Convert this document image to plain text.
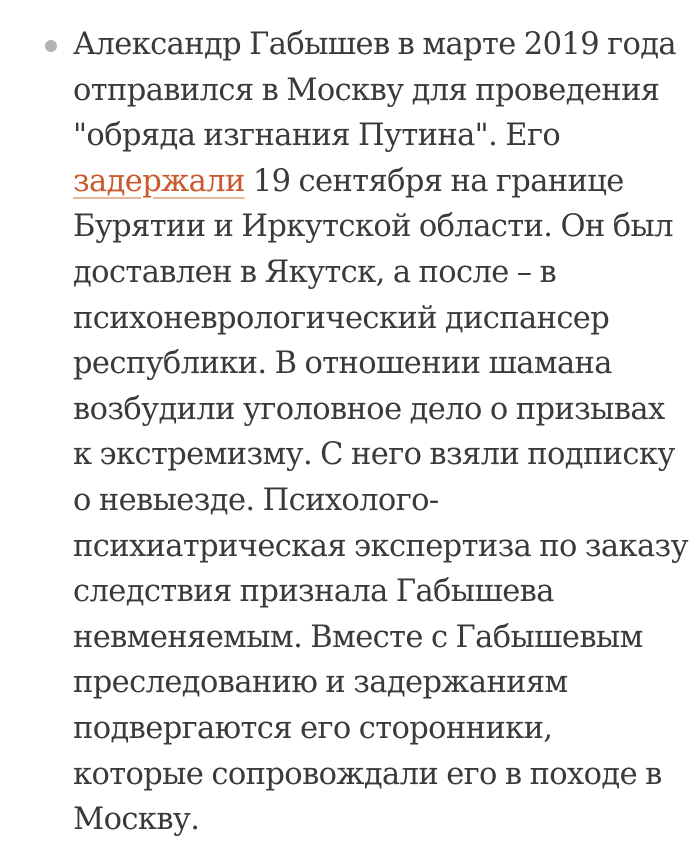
Александр Габышев в марте 2019 года
отправился в Москву для проведения
"обряда изгнания Путина". Его
задержали 19 сентября на границе
Бурятии и Иркутской области. Он был
доставлен в Якутск, а после – в
психоневрологический диспансер
республики. В отношении шамана
возбудили уголовное дело о призывах
к экстремизму. С него взяли подписку
о невыезде. Психолого-
психиатрическая экспертиза по заказу
следствия признала Габышева
невменяемым. Вместе с Габышевым
преследованию и задержаниям
подвергаются его сторонники,
которые сопровождали его в походе в
Москву.
